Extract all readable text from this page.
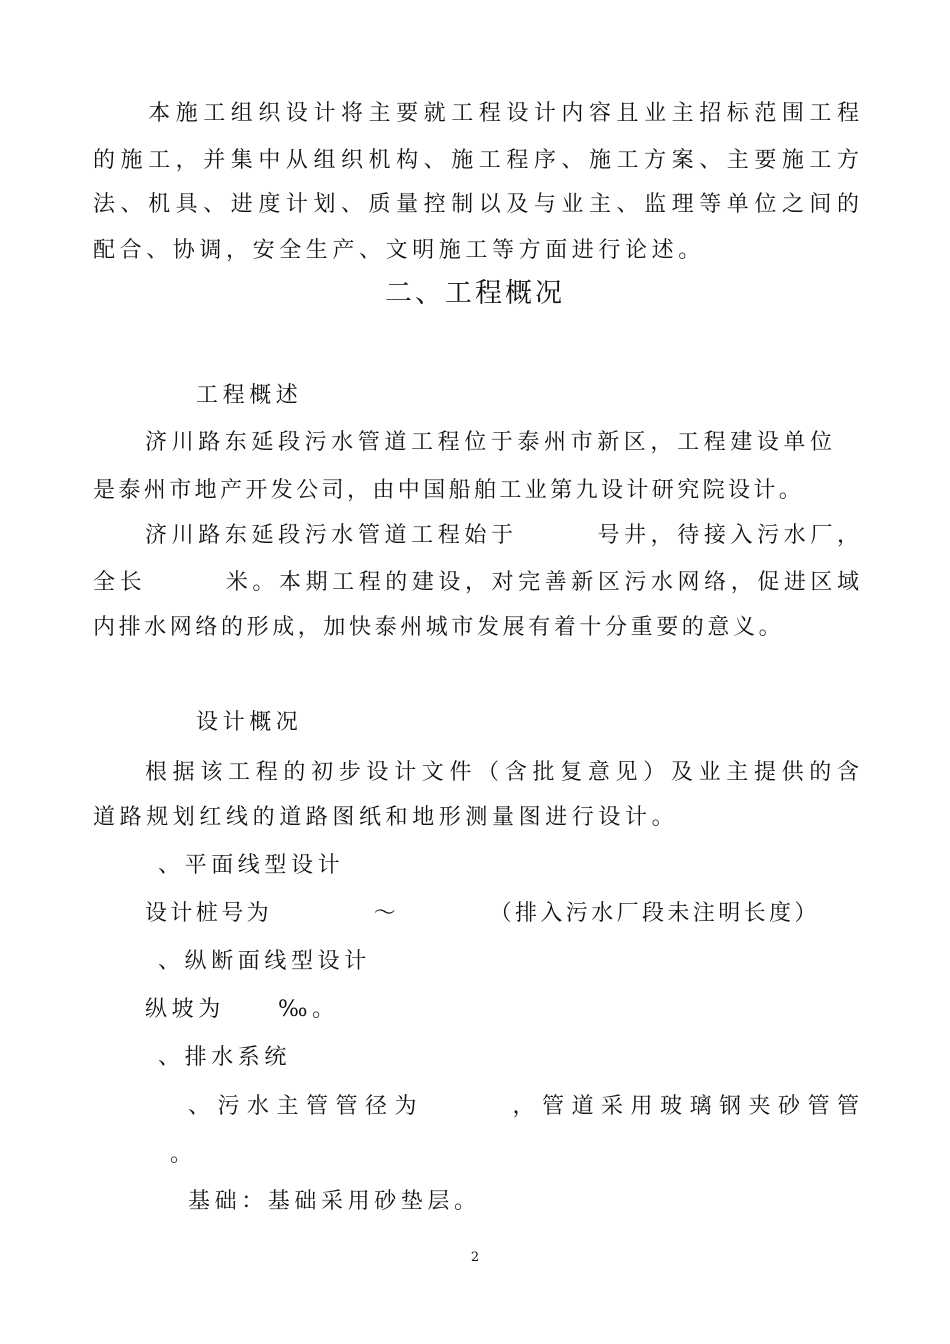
　　本施工组织设计将主要就工程设计内容且业主招标范围工程
的施工，并集中从组织机构、施工程序、施工方案、主要施工方
法、机具、进度计划、质量控制以及与业主、监理等单位之间的
配合、协调，安全生产、文明施工等方面进行论述。
二、工程概况
工程概述
济川路东延段污水管道工程位于泰州市新区，工程建设单位
是泰州市地产开发公司，由中国船舶工业第九设计研究院设计。
济川路东延段污水管道工程始于　　　号井，待接入污水厂，
全长　　　米。本期工程的建设，对完善新区污水网络，促进区域
内排水网络的形成，加快泰州城市发展有着十分重要的意义。
设计概况
根据该工程的初步设计文件（含批复意见）及业主提供的含
道路规划红线的道路图纸和地形测量图进行设计。
、平面线型设计
设计桩号为　　　　～　　　　（排入污水厂段未注明长度）
、纵断面线型设计
纵坡为　　‰。
、排水系统
、污水主管管径为　　　，管道采用玻璃钢夹砂管管
。
基础：基础采用砂垫层。
2
